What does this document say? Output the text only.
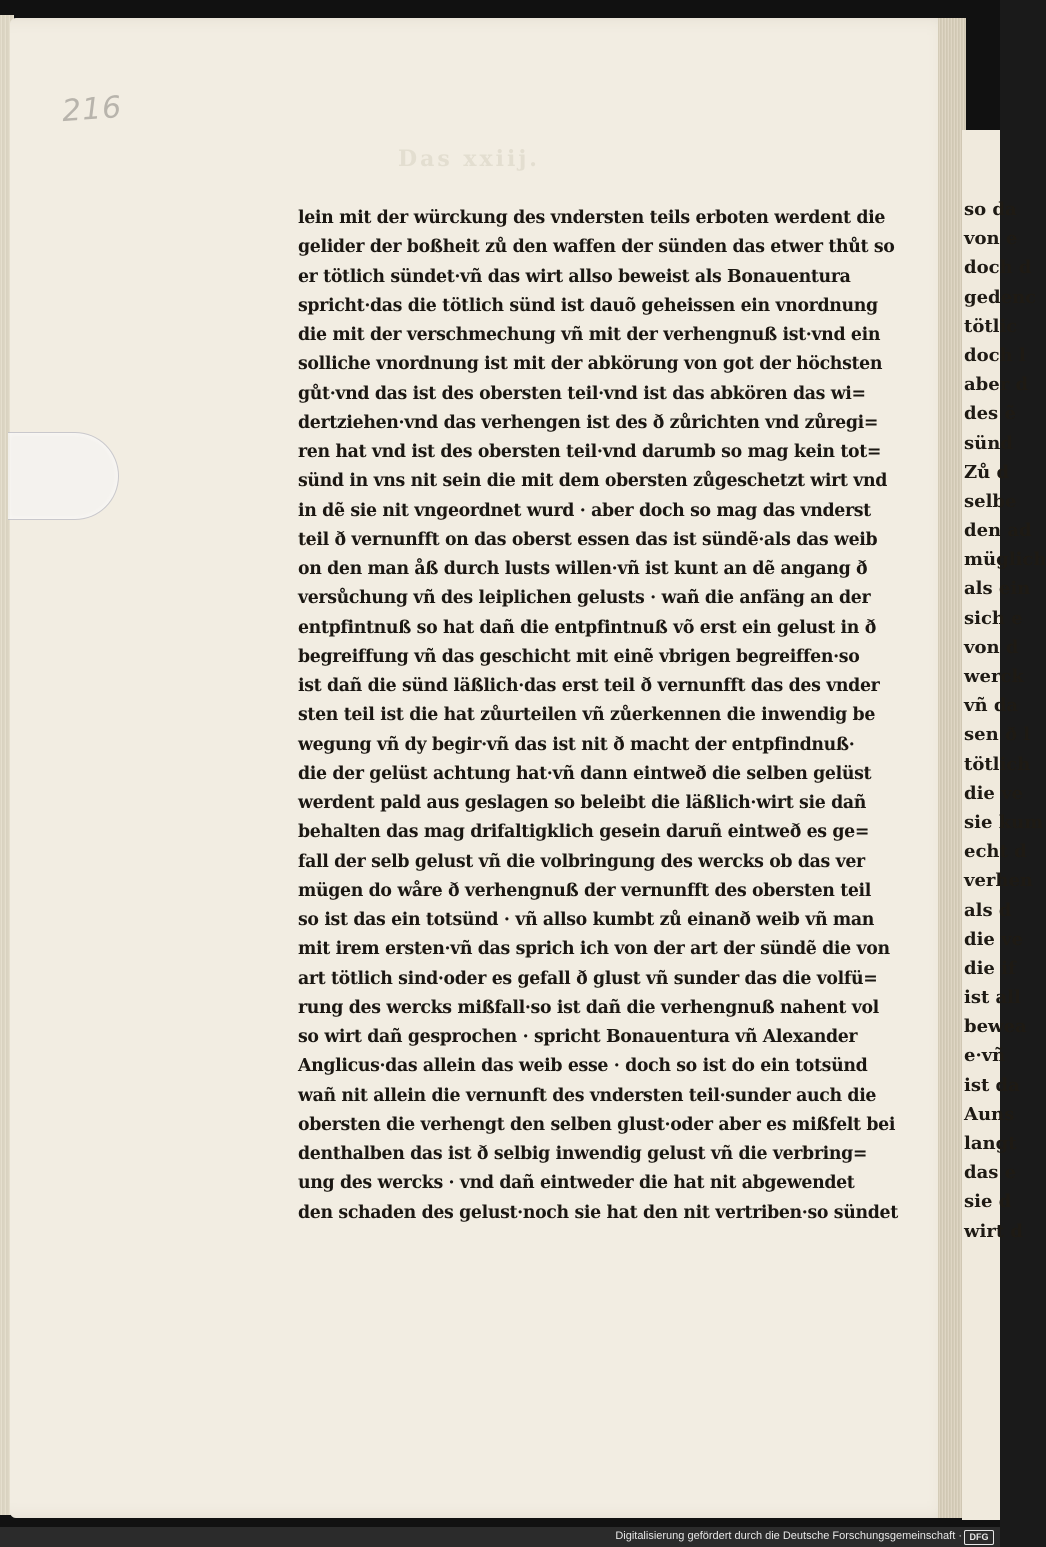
216
Das xxiij.
lein mit der würckung des vndersten teils erboten werdent die
gelider der boßheit zů den waffen der sünden das etwer thůt so
er tötlich sündet·vñ das wirt allso beweist als Bonauentura
spricht·das die tötlich sünd ist dauõ geheissen ein vnordnung
die mit der verschmechung vñ mit der verhengnuß ist·vnd ein
solliche vnordnung ist mit der abkörung von got der höchsten
gůt·vnd das ist des obersten teil·vnd ist das abkören das wi=
dertziehen·vnd das verhengen ist des ð zůrichten vnd zůregi=
ren hat vnd ist des obersten teil·vnd darumb so mag kein tot=
sünd in vns nit sein die mit dem obersten zůgeschetzt wirt vnd
in dẽ sie nit vngeordnet wurd · aber doch so mag das vnderst
teil ð vernunfft on das oberst essen das ist sündẽ·als das weib
on den man åß durch lusts willen·vñ ist kunt an dẽ angang ð
versůchung vñ des leiplichen gelusts · wañ die anfäng an der
entpfintnuß so hat dañ die entpfintnuß võ erst ein gelust in ð
begreiffung vñ das geschicht mit einẽ vbrigen begreiffen·so
ist dañ die sünd läßlich·das erst teil ð vernunfft das des vnder
sten teil ist die hat zůurteilen vñ zůerkennen die inwendig be
wegung vñ dy begir·vñ das ist nit ð macht der entpfindnuß·
die der gelüst achtung hat·vñ dann eintweð die selben gelüst
werdent pald aus geslagen so beleibt die läßlich·wirt sie dañ
behalten das mag drifaltigklich gesein daruñ eintweð es ge=
fall der selb gelust vñ die volbringung des wercks ob das ver
mügen do wåre ð verhengnuß der vernunfft des obersten teil
so ist das ein totsünd · vñ allso kumbt zů einanð weib vñ man
mit irem ersten·vñ das sprich ich von der art der sündẽ die von
art tötlich sind·oder es gefall ð glust vñ sunder das die volfü=
rung des wercks mißfall·so ist dañ die verhengnuß nahent vol
so wirt dañ gesprochen · spricht Bonauentura vñ Alexander
Anglicus·das allein das weib esse · doch so ist do ein totsünd
wañ nit allein die vernunft des vndersten teil·sunder auch die
obersten die verhengt den selben glust·oder aber es mißfelt bei
denthalben das ist ð selbig inwendig gelust vñ die verbring=
ung des wercks · vnd dañ eintweder die hat nit abgewendet
den schaden des gelust·noch sie hat den nit vertriben·so sündet
so da
von e
doch d
gedenc
tötlic
doch l
aber d
des ẽ
sünd
Zů d
selbe
den ad
müglich
als ein
sich e
von d
werck
vñ da
sen ð l
tötlich
die ve
sie kum
echt d
verhen
als d
die ve
die if
ist all
bewea
e·vñ
ist da
Auns
langt
das e
sie d
wirt d
Digitalisierung gefördert durch die Deutsche Forschungsgemeinschaft · DFG
